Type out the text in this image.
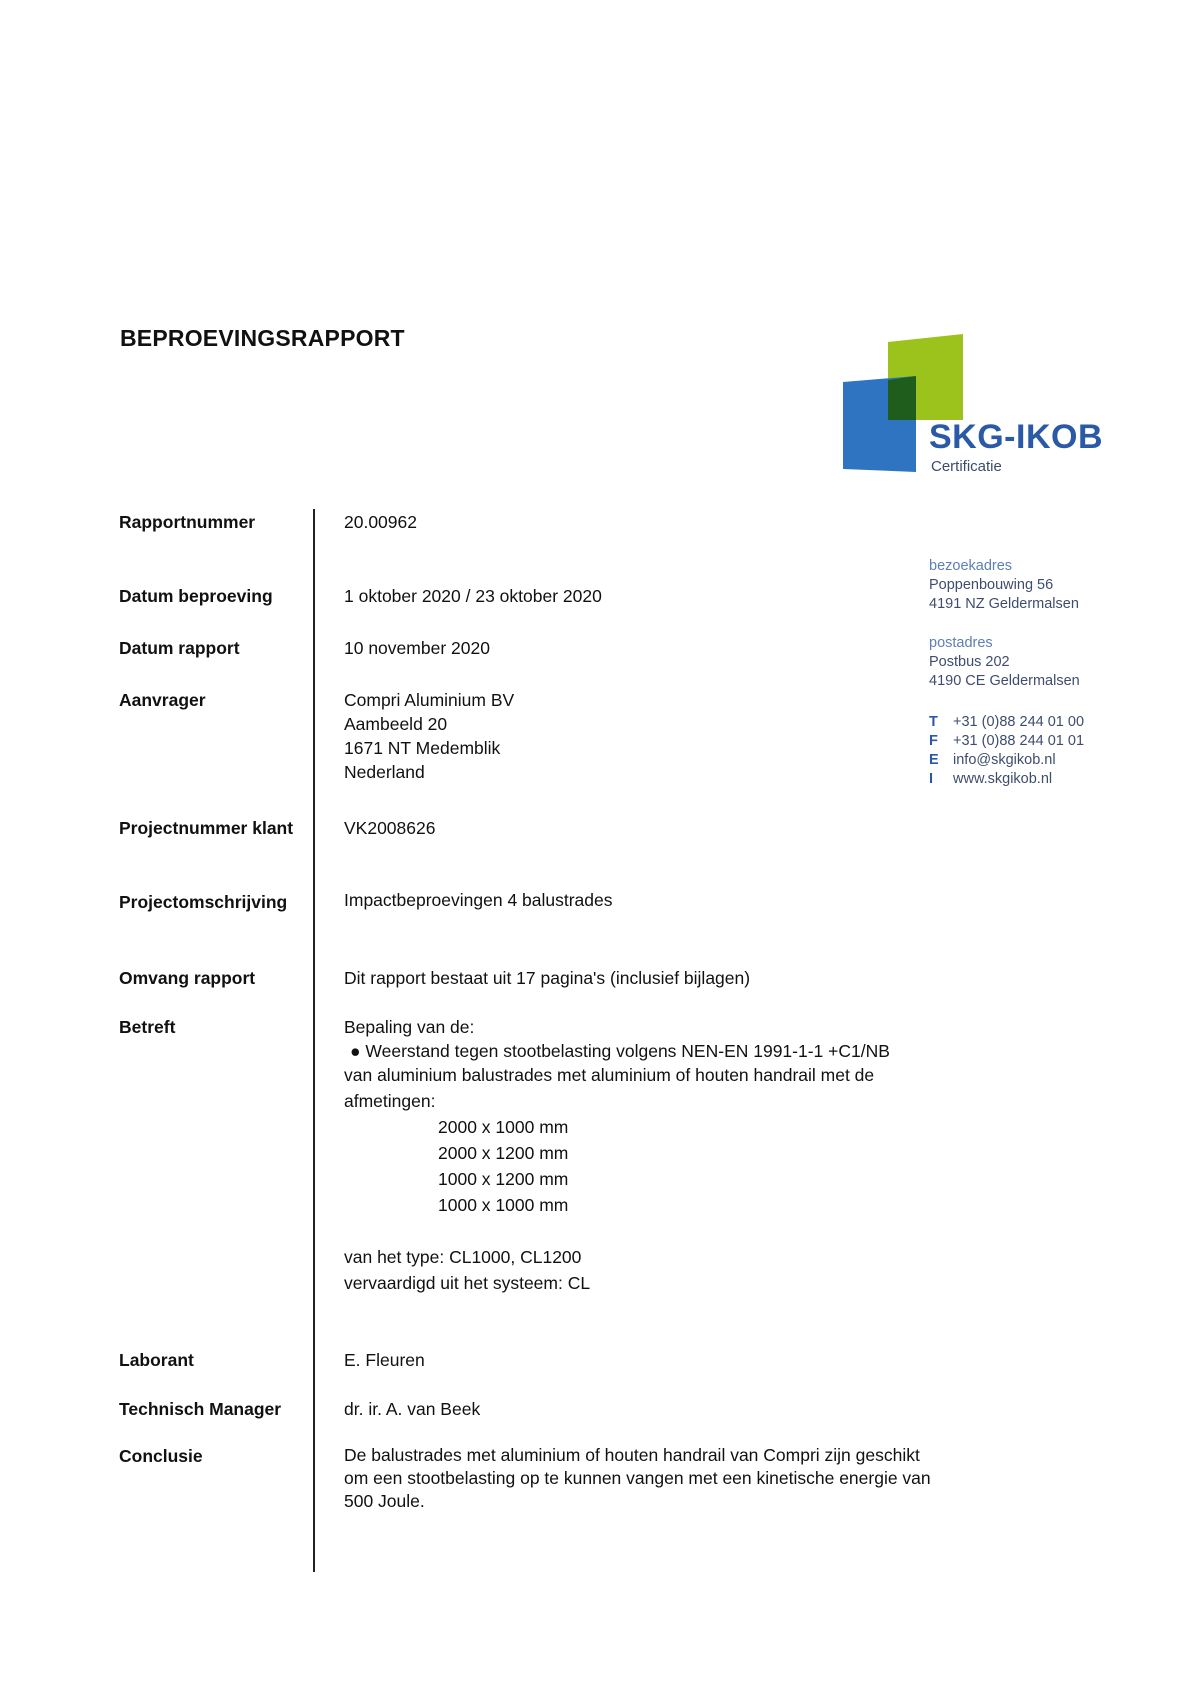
BEPROEVINGSRAPPORT
SKG-IKOB
Certificatie
bezoekadres
Poppenbouwing 56
4191 NZ Geldermalsen
postadres
Postbus 202
4190 CE Geldermalsen
T	+31 (0)88 244 01 00
F	+31 (0)88 244 01 01
E info@skgikob.nl
I	www.skgikob.nl
Rapportnummer	20.00962
Datum beproeving	1 oktober 2020 / 23 oktober 2020
Datum rapport	10 november 2020
Aanvrager	Compri Aluminium BV
Aambeeld 20
1671 NT Medemblik
Nederland
Projectnummer klant	VK2008626
Projectomschrijving	Impactbeproevingen 4 balustrades
Omvang rapport	Dit rapport bestaat uit 17 pagina's (inclusief bijlagen)
Betreft	Bepaling van de:
● Weerstand tegen stootbelasting volgens NEN-EN 1991-1-1 +C1/NB
van aluminium balustrades met aluminium of houten handrail met de
afmetingen:
2000 x 1000 mm
2000 x 1200 mm
1000 x 1200 mm
1000 x 1000 mm
van het type: CL1000, CL1200
vervaardigd uit het systeem: CL
Laborant	E. Fleuren
Technisch Manager	dr. ir. A. van Beek
Conclusie	De balustrades met aluminium of houten handrail van Compri zijn geschikt
om een stootbelasting op te kunnen vangen met een kinetische energie van
500 Joule.
